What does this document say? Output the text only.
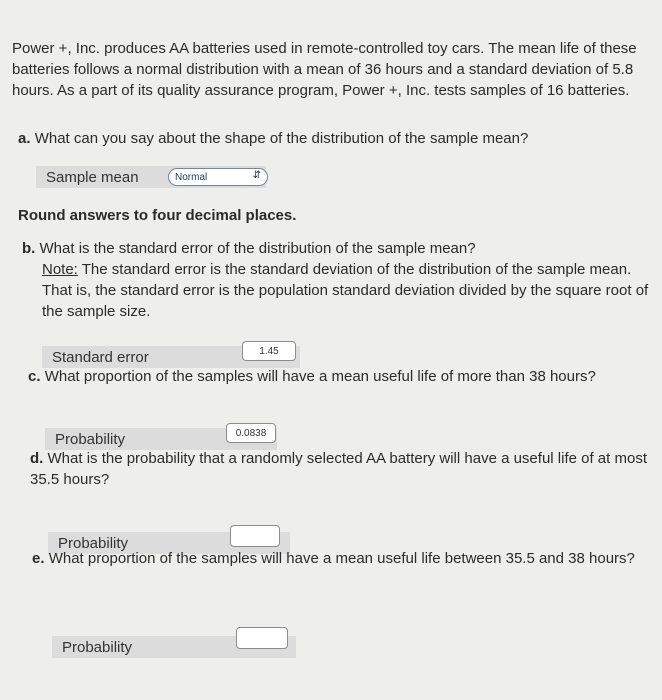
Power +, Inc. produces AA batteries used in remote-controlled toy cars. The mean life of these batteries follows a normal distribution with a mean of 36 hours and a standard deviation of 5.8 hours. As a part of its quality assurance program, Power +, Inc. tests samples of 16 batteries.

a. What can you say about the shape of the distribution of the sample mean?

Sample mean	Normal	⇵

Round answers to four decimal places.

b. What is the standard error of the distribution of the sample mean?
Note: The standard error is the standard deviation of the distribution of the sample mean. That is, the standard error is the population standard deviation divided by the square root of the sample size.

Standard error	1.45

c. What proportion of the samples will have a mean useful life of more than 38 hours?

Probability	0.0838

d. What is the probability that a randomly selected AA battery will have a useful life of at most 35.5 hours?

Probability

e. What proportion of the samples will have a mean useful life between 35.5 and 38 hours?

Probability
